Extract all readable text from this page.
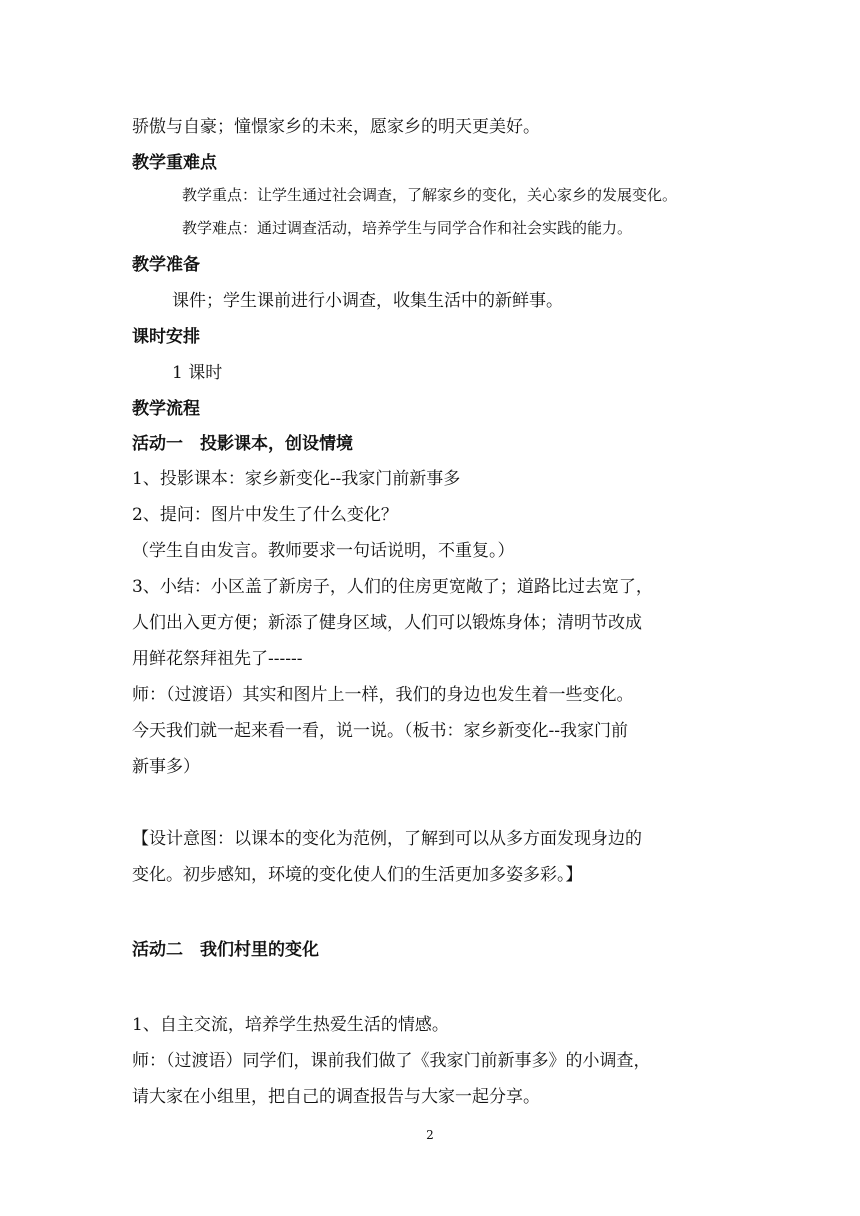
骄傲与自豪；憧憬家乡的未来，愿家乡的明天更美好。
教学重难点
教学重点：让学生通过社会调查，了解家乡的变化，关心家乡的发展变化。
教学难点：通过调查活动，培养学生与同学合作和社会实践的能力。
教学准备
课件；学生课前进行小调查，收集生活中的新鲜事。
课时安排
1 课时
教学流程
活动一　投影课本，创设情境
1、投影课本：家乡新变化--我家门前新事多
2、提问：图片中发生了什么变化？
（学生自由发言。教师要求一句话说明，不重复。）
3、小结：小区盖了新房子，人们的住房更宽敞了；道路比过去宽了，
人们出入更方便；新添了健身区域，人们可以锻炼身体；清明节改成
用鲜花祭拜祖先了------
师：（过渡语）其实和图片上一样，我们的身边也发生着一些变化。
今天我们就一起来看一看，说一说。（板书：家乡新变化--我家门前
新事多）
【设计意图：以课本的变化为范例，了解到可以从多方面发现身边的
变化。初步感知，环境的变化使人们的生活更加多姿多彩。】
活动二　我们村里的变化
1、自主交流，培养学生热爱生活的情感。
师：（过渡语）同学们，课前我们做了《我家门前新事多》的小调查，
请大家在小组里，把自己的调查报告与大家一起分享。
2
